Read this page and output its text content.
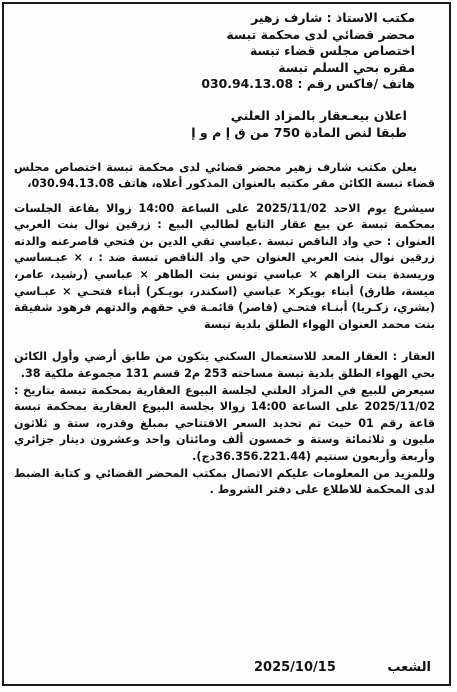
مكتب الاستاذ : شارف زهير
محضر قضائي لدى محكمة تبسة
اختصاص مجلس قضاء تبسة
مقره بحي السلم تبسة
هاتف /فاكس رقم : 030.94.13.08
اعلان بيعـعقار بالمزاد العلني
طبقا لنص المادة 750 من ق إ م و إ
يعلن مكتب شارف زهير محضر قضائي لدى محكمة تبسة اختصاص مجلس قضاء تبسة الكائن مقر مكتبه بالعنوان المذكور أعلاه، هاتف 030.94.13.08،
سيشرع يوم الاحد 2025/11/02 على الساعة 14:00 زوالا بقاعة الجلسات بمحكمة تبسة عن بيع عقار التابع لطالبي البيع : زرقين نوال بنت العربي العنوان : حي واد الناقص تبسة .عباسي تقي الدين بن فتحي قاصرعنه والدته زرقين نوال بنت العربي العنوان حي واد الناقص تبسة ضد : ، × عبـساسي وريسدة بنت الراهم × عباسي تونس بنت الطاهر × عباسي (رشيد، عامر، ميسة، طارق) أبناء بويكر× عباسي (اسكندر، بويـكر) أبناء فتحـي × عبـاسي (بشري، زكـريا) أبنـاء فتحـي (قاصر) قائمـة في حقهم والدتهم فرهود شفيقة بنت محمد العنوان الهواء الطلق بلدية تبسة
العقار : العقار المعد للاستعمال السكني يتكون من طابق أرضي وأول الكائن بحي الهواء الطلق بلدية تبسة مساحته 253 م2 قسم 131 مجموعة ملكية 38.
سيعرض للبيع في المزاد العلني لجلسة البيوع العقارية بمحكمة تبسة بتاريخ : 2025/11/02 على الساعة 14:00 زوالا بجلسة البيوع العقارية بمحكمة تبسة قاعة رقم 01 حيث تم تحديد السعر الافتتاحي بمبلغ وقدره، ستة و ثلاثون مليون و ثلاثمائة وستة و خمسون ألف ومائتان واحد وعشرون دينار جزائري وأربعة وأربعون سنتيم (36.356.221.44دج).
وللمزيد من المعلومات عليكم الاتصال بمكتب المحضر القضائي و كتابة الضبط لدى المحكمة للاطلاع على دفتر الشروط .
2025/10/15	الشعب
